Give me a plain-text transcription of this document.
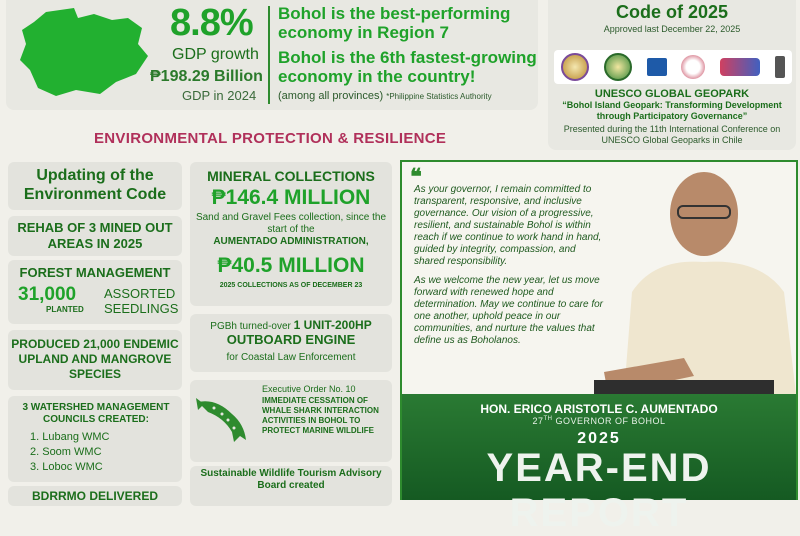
8.8%
GDP growth
₱198.29 Billion
GDP in 2024
Bohol is the best-performing economy in Region 7
Bohol is the 6th fastest-growing economy in the country!
(among all provinces) *Philippine Statistics Authority
Code of 2025
Approved last December 22, 2025
UNESCO GLOBAL GEOPARK
“Bohol Island Geopark: Transforming Development through Participatory Governance”
Presented during the 11th International Conference on UNESCO Global Geoparks in Chile
ENVIRONMENTAL PROTECTION & RESILIENCE
Updating of the Environment Code
REHAB OF 3 MINED OUT AREAS IN 2025
FOREST MANAGEMENT
31,000
PLANTED
ASSORTED SEEDLINGS
PRODUCED 21,000 ENDEMIC UPLAND AND MANGROVE SPECIES
3 WATERSHED MANAGEMENT COUNCILS CREATED:
1. Lubang WMC
2. Soom WMC
3. Loboc WMC
BDRRMO DELIVERED
MINERAL COLLECTIONS
₱146.4 MILLION
Sand and Gravel Fees collection, since the start of the
AUMENTADO ADMINISTRATION,
₱40.5 MILLION
2025 COLLECTIONS AS OF DECEMBER 23
PGBh turned-over 1 UNIT-200HP
OUTBOARD ENGINE
for Coastal Law Enforcement
Executive Order No. 10
IMMEDIATE CESSATION OF WHALE SHARK INTERACTION ACTIVITIES IN BOHOL TO PROTECT MARINE WILDLIFE
Sustainable Wildlife Tourism Advisory Board created
❝

As your governor, I remain committed to transparent, responsive, and inclusive governance. Our vision of a progressive, resilient, and sustainable Bohol is within reach if we continue to work hand in hand, guided by integrity, compassion, and shared responsibility.

As we welcome the new year, let us move forward with renewed hope and determination. May we continue to care for one another, uphold peace in our communities, and nurture the values that define us as Boholanos.

HON. ERICO ARISTOTLE C. AUMENTADO
27TH GOVERNOR OF BOHOL
2025
YEAR-END REPORT
